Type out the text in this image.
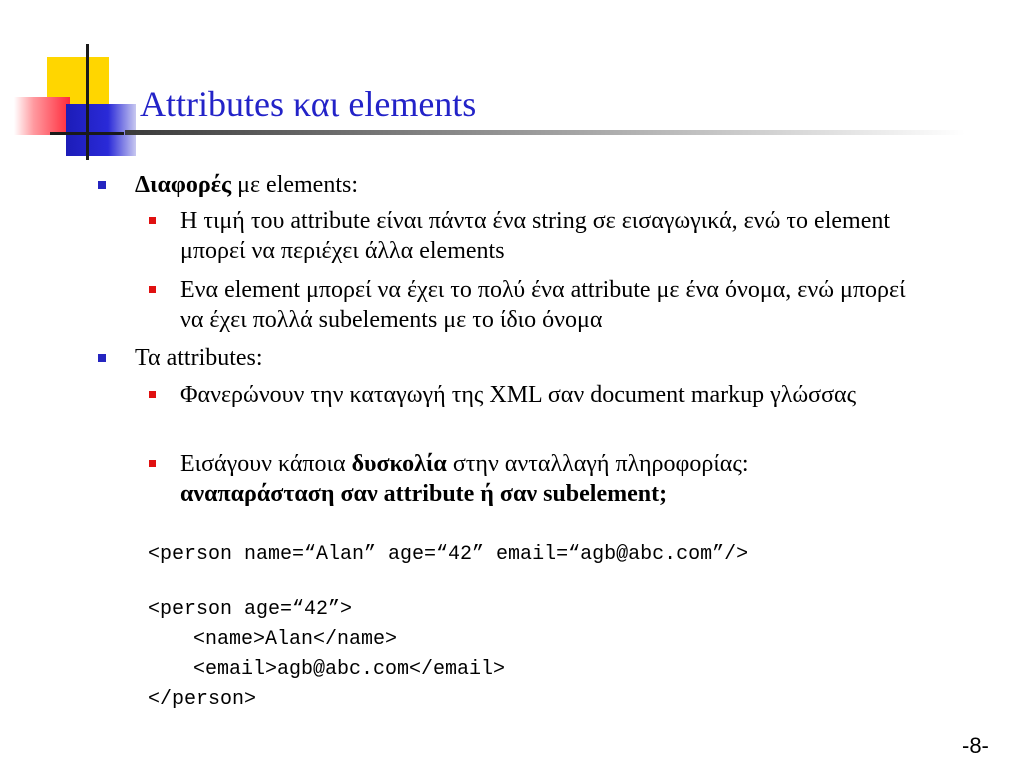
Attributes και elements
Διαφορές με elements:
Η τιμή του attribute είναι πάντα ένα string σε εισαγωγικά, ενώ το element μπορεί να περιέχει άλλα elements
Ενα element μπορεί να έχει το πολύ ένα attribute με ένα όνομα, ενώ μπορεί να έχει πολλά subelements με το ίδιο όνομα
Τα attributes:
Φανερώνουν την καταγωγή της XML σαν document markup γλώσσας
Εισάγουν κάποια δυσκολία στην ανταλλαγή πληροφορίας:
αναπαράσταση σαν attribute ή σαν subelement;
<person name=“Alan” age=“42” email=“agb@abc.com”/>
<person age=“42”>
<name>Alan</name>
<email>agb@abc.com</email>
</person>
-8-
